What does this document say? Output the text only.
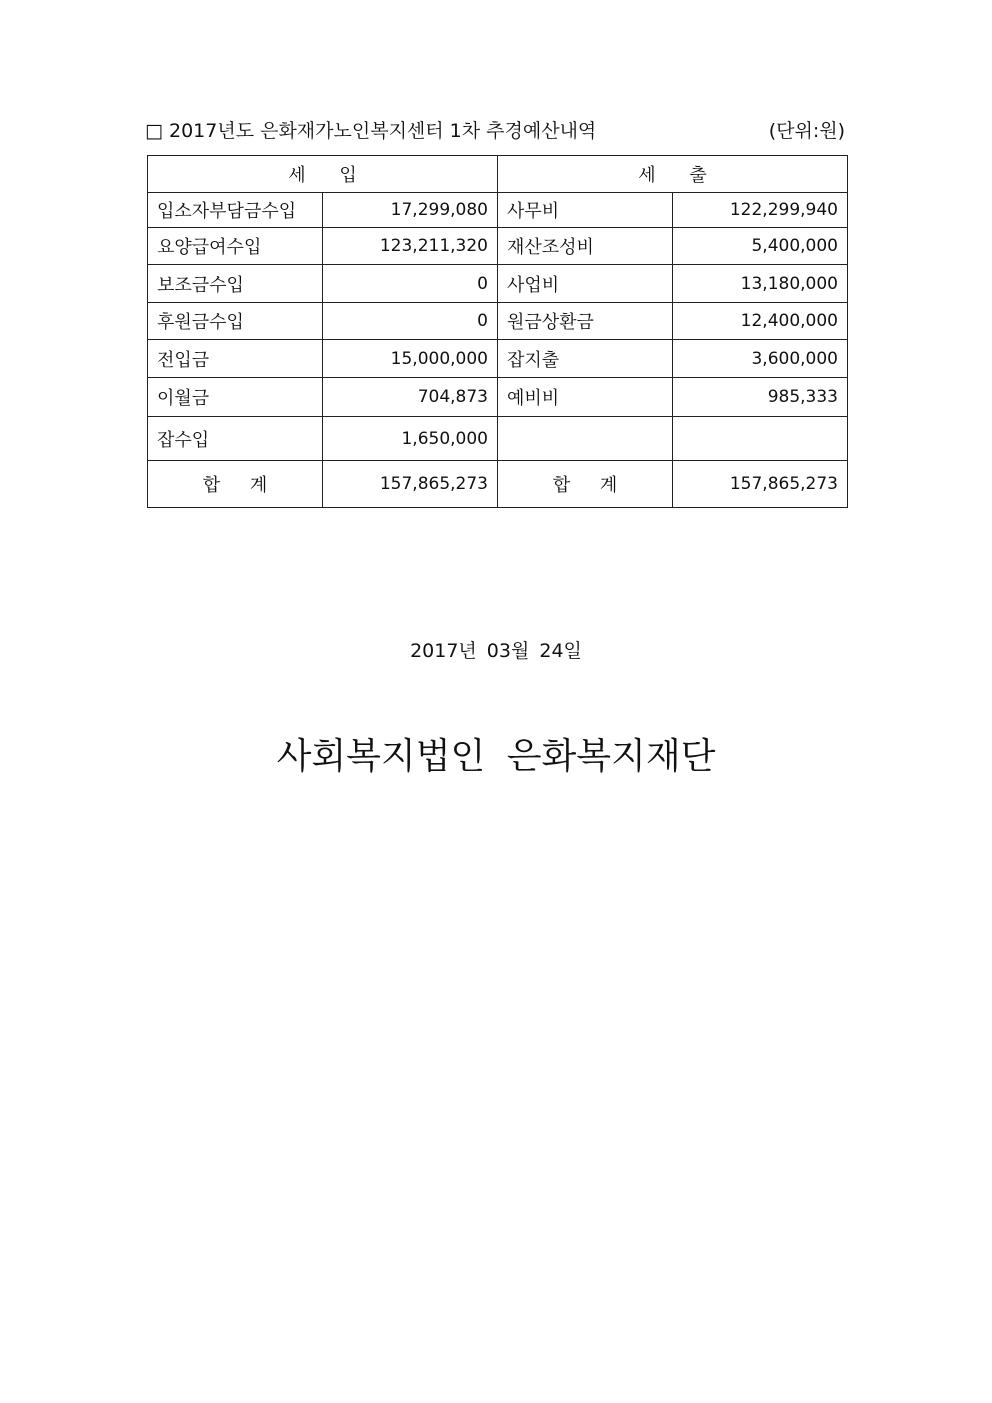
□ 2017년도 은화재가노인복지센터 1차 추경예산내역	(단위:원)
세 입		세 출	
입소자부담금수입	17,299,080	사무비	122,299,940
요양급여수입	123,211,320	재산조성비	5,400,000
보조금수입	0	사업비	13,180,000
후원금수입	0	원금상환금	12,400,000
전입금	15,000,000	잡지출	3,600,000
이월금	704,873	예비비	985,333
잡수입	1,650,000		
합 계	157,865,273	합 계	157,865,273
2017년 03월 24일
사회복지법인 은화복지재단
